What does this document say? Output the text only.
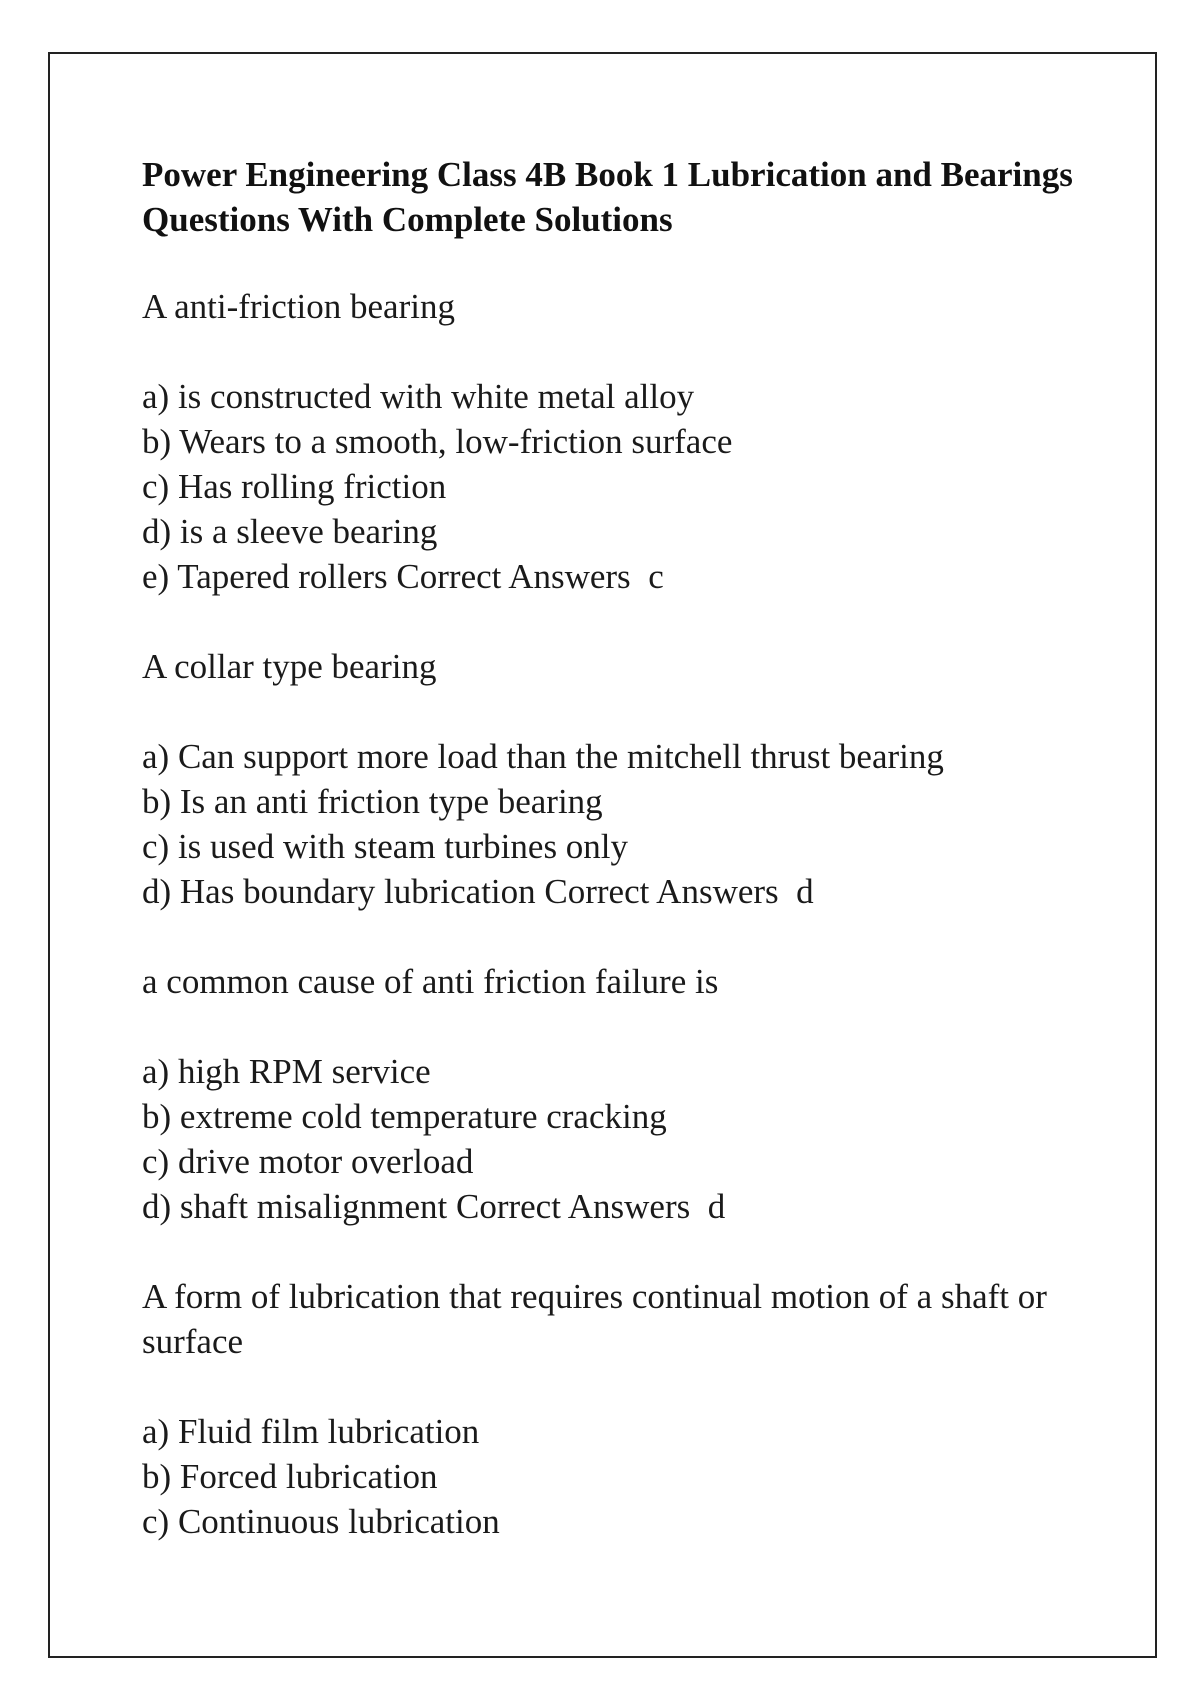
Power Engineering Class 4B Book 1 Lubrication and Bearings Questions With Complete Solutions
A anti-friction bearing
a) is constructed with white metal alloy
b) Wears to a smooth, low-friction surface
c) Has rolling friction
d) is a sleeve bearing
e) Tapered rollers Correct Answers c
A collar type bearing
a) Can support more load than the mitchell thrust bearing
b) Is an anti friction type bearing
c) is used with steam turbines only
d) Has boundary lubrication Correct Answers d
a common cause of anti friction failure is
a) high RPM service
b) extreme cold temperature cracking
c) drive motor overload
d) shaft misalignment Correct Answers d
A form of lubrication that requires continual motion of a shaft or surface
a) Fluid film lubrication
b) Forced lubrication
c) Continuous lubrication
